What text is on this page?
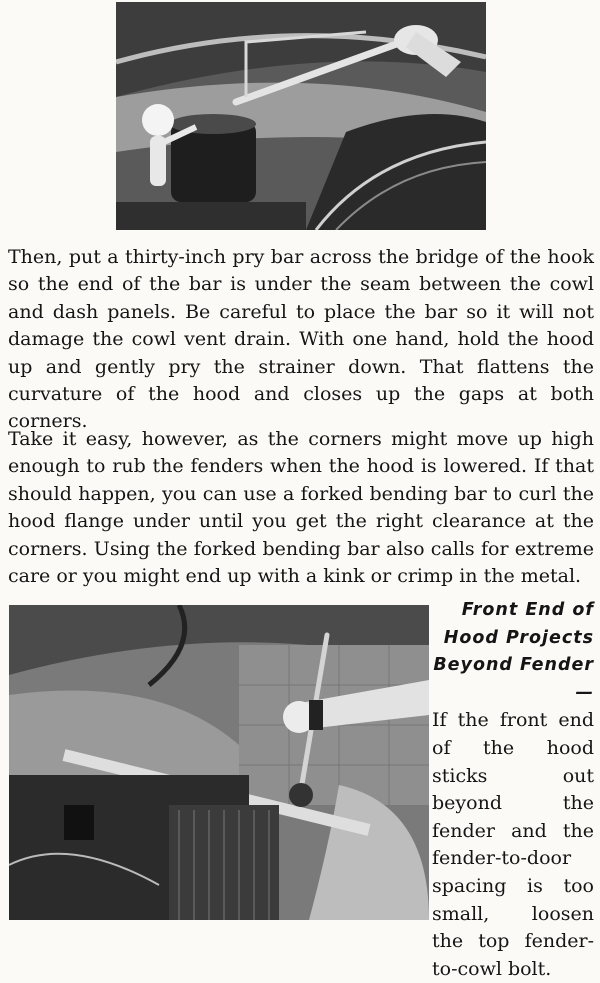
Then, put a thirty-inch pry bar across the bridge of the hook so the end of the bar is under the seam between the cowl and dash panels. Be careful to place the bar so it will not damage the cowl vent drain. With one hand, hold the hood up and gently pry the strainer down. That flattens the curvature of the hood and closes up the gaps at both corners.

Take it easy, however, as the corners might move up high enough to rub the fenders when the hood is lowered. If that should happen, you can use a forked bending bar to curl the hood flange under until you get the right clearance at the corners. Using the forked bending bar also calls for extreme care or you might end up with a kink or crimp in the metal.

Front End of
Hood Projects
Beyond Fender—
If the front end of the hood sticks out beyond the fender and the fender-to-door spacing is too small, loosen the top fender-to-cowl bolt.
